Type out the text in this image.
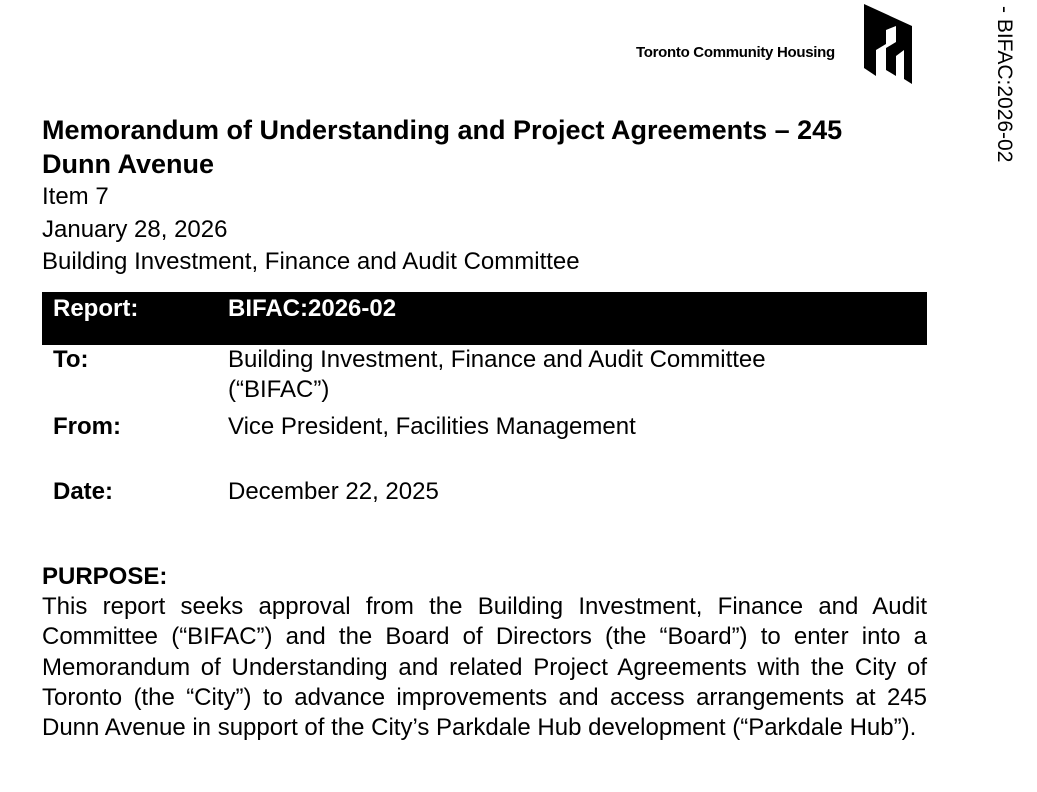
Toronto Community Housing	- BIFAC:2026-02
Memorandum of Understanding and Project Agreements – 245 Dunn Avenue
Item 7
January 28, 2026
Building Investment, Finance and Audit Committee
Report:	BIFAC:2026-02
To:	Building Investment, Finance and Audit Committee
(“BIFAC”)
From:	Vice President, Facilities Management
Date:	December 22, 2025
PURPOSE:

This report seeks approval from the Building Investment, Finance and Audit Committee (“BIFAC”) and the Board of Directors (the “Board”) to enter into a Memorandum of Understanding and related Project Agreements with the City of Toronto (the “City”) to advance improvements and access arrangements at 245 Dunn Avenue in support of the City’s Parkdale Hub development (“Parkdale Hub”).
